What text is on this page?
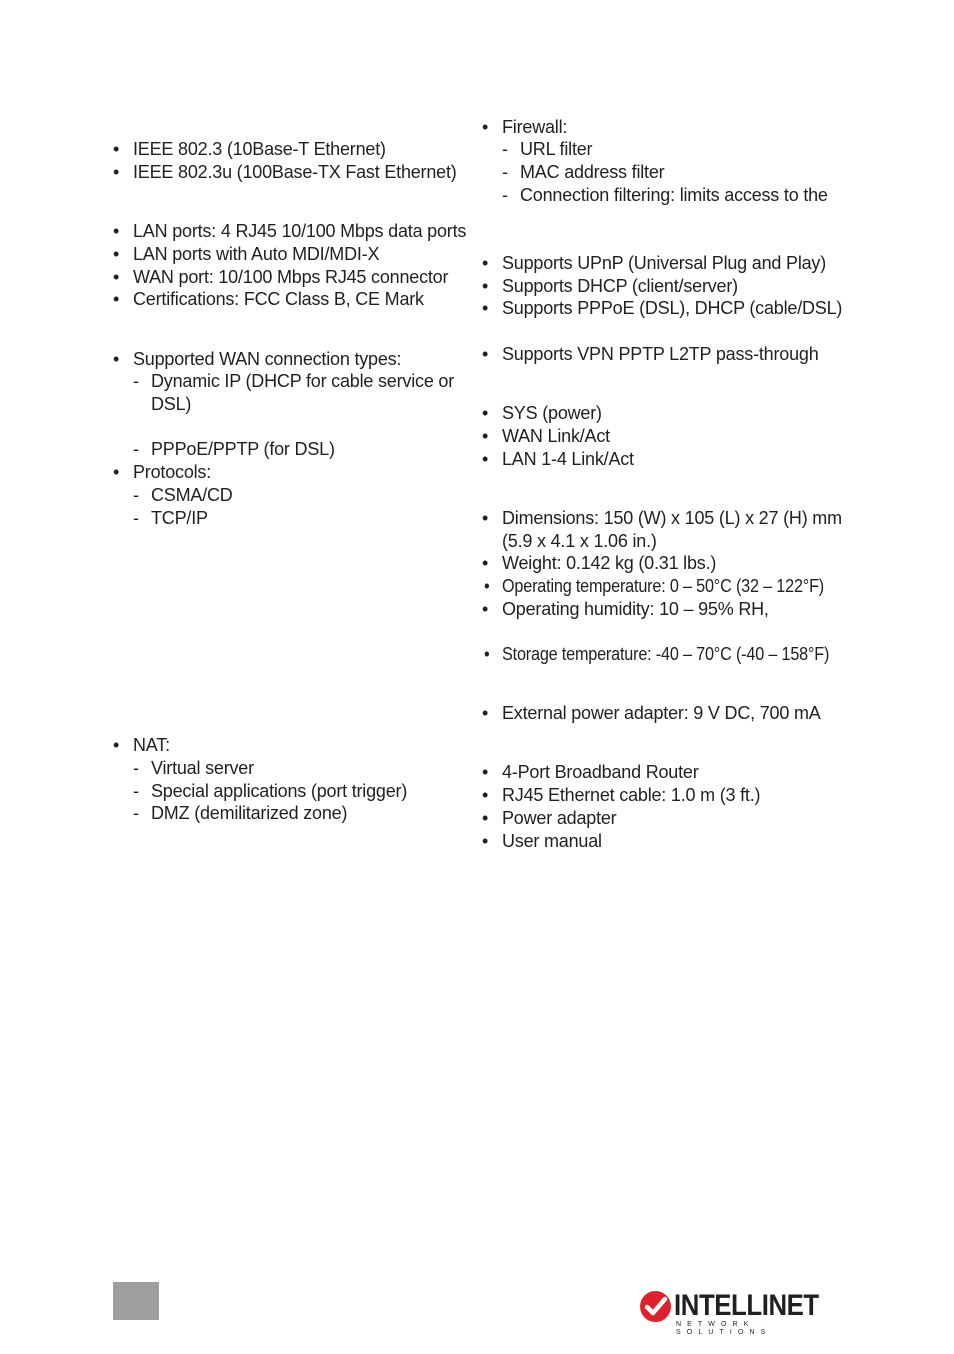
• IEEE 802.3 (10Base-T Ethernet)
• IEEE 802.3u (100Base-TX Fast Ethernet)
• LAN ports: 4 RJ45 10/100 Mbps data ports
• LAN ports with Auto MDI/MDI-X
• WAN port: 10/100 Mbps RJ45 connector
• Certifications: FCC Class B, CE Mark
• Supported WAN connection types:
- Dynamic IP (DHCP for cable service or
DSL)
- PPPoE/PPTP (for DSL)
• Protocols:
- CSMA/CD
- TCP/IP
• NAT:
- Virtual server
- Special applications (port trigger)
- DMZ (demilitarized zone)
• Firewall:
- URL filter
- MAC address filter
- Connection filtering: limits access to the
• Supports UPnP (Universal Plug and Play)
• Supports DHCP (client/server)
• Supports PPPoE (DSL), DHCP (cable/DSL)
• Supports VPN PPTP L2TP pass-through
• SYS (power)
• WAN Link/Act
• LAN 1-4 Link/Act
• Dimensions: 150 (W) x 105 (L) x 27 (H) mm
(5.9 x 4.1 x 1.06 in.)
• Weight: 0.142 kg (0.31 lbs.)
• Operating temperature: 0 – 50°C (32 – 122°F)
• Operating humidity: 10 – 95% RH,
• Storage temperature: -40 – 70°C (-40 – 158°F)
• External power adapter: 9 V DC, 700 mA
• 4-Port Broadband Router
• RJ45 Ethernet cable: 1.0 m (3 ft.)
• Power adapter
• User manual
INTELLINET
NETWORK SOLUTIONS
